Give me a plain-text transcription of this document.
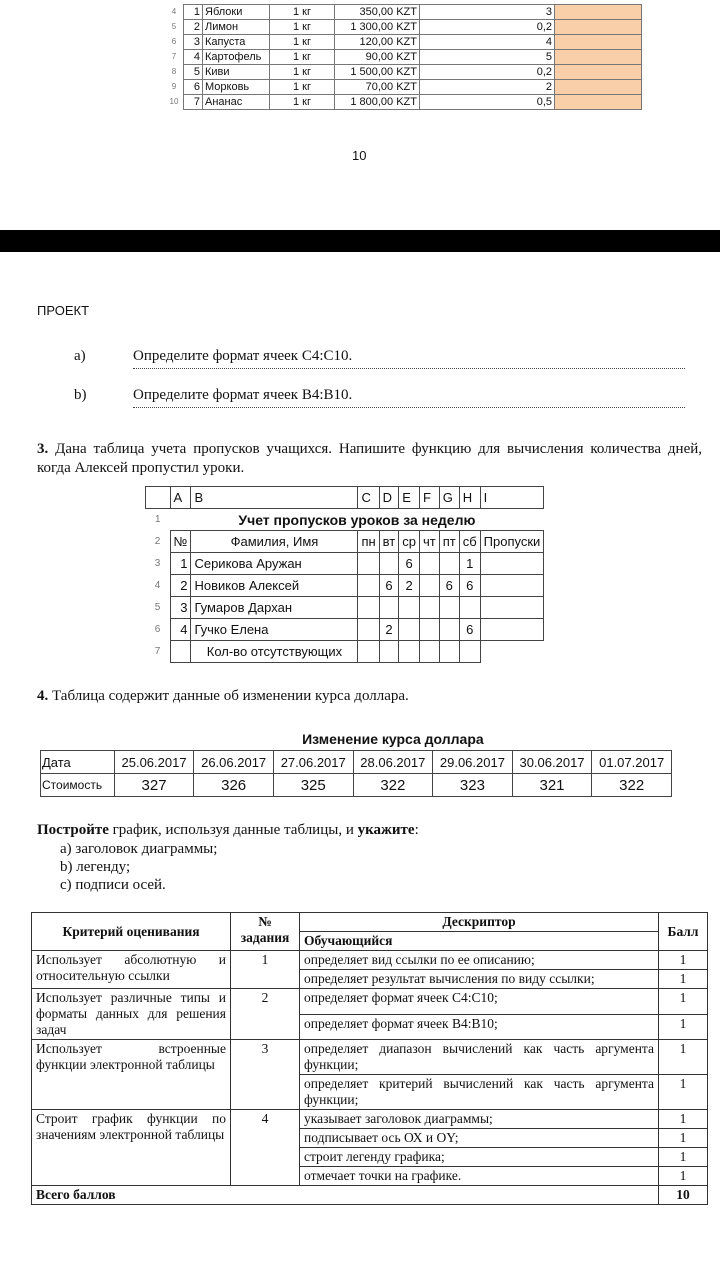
4	1	Яблоки	1 кг	350,00 KZT	3	
5	2	Лимон	1 кг	1 300,00 KZT	0,2	
6	3	Капуста	1 кг	120,00 KZT	4	
7	4	Картофель	1 кг	90,00 KZT	5	
8	5	Киви	1 кг	1 500,00 KZT	0,2	
9	6	Морковь	1 кг	70,00 KZT	2	
10	7	Ананас	1 кг	1 800,00 KZT	0,5	
10
ПРОЕКТ
a)	Определите формат ячеек С4:С10.
b)	Определите формат ячеек В4:В10.
3. Дана таблица учета пропусков учащихся. Напишите функцию для вычисления количества дней, когда Алексей пропустил уроки.
	A	B	C	D	E	F	G	H	I
1	Учет пропусков уроков за неделю								
2	№	Фамилия, Имя	пн	вт	ср	чт	пт	сб	Пропуски
3	1	Серикова Аружан			6			1	
4	2	Новиков Алексей		6	2		6	6	
5	3	Гумаров Дархан							
6	4	Гучко Елена		2				6	
7		Кол-во отсутствующих							
4. Таблица содержит данные об изменении курса доллара.
	Изменение курса доллара						
Дата	25.06.2017	26.06.2017	27.06.2017	28.06.2017	29.06.2017	30.06.2017	01.07.2017
Стоимость	327	326	325	322	323	321	322
Постройте график, используя данные таблицы, и укажите:
a) заголовок диаграммы;
b) легенду;
c) подписи осей.
Критерий оценивания	№ задания	Дескриптор	Балл
		Обучающийся	
Использует абсолютную и относительную ссылки	1	определяет вид ссылки по ее описанию;	1
		определяет результат вычисления по виду ссылки;	1
Использует различные типы и форматы данных для решения задач	2	определяет формат ячеек С4:С10;	1
		определяет формат ячеек В4:В10;	1
Использует встроенные функции электронной таблицы	3	определяет диапазон вычислений как часть аргумента функции;	1
		определяет критерий вычислений как часть аргумента функции;	1
Строит график функции по значениям электронной таблицы	4	указывает заголовок диаграммы;	1
		подписывает ось ОХ и ОY;	1
		строит легенду графика;	1
		отмечает точки на графике.	1
Всего баллов			10
